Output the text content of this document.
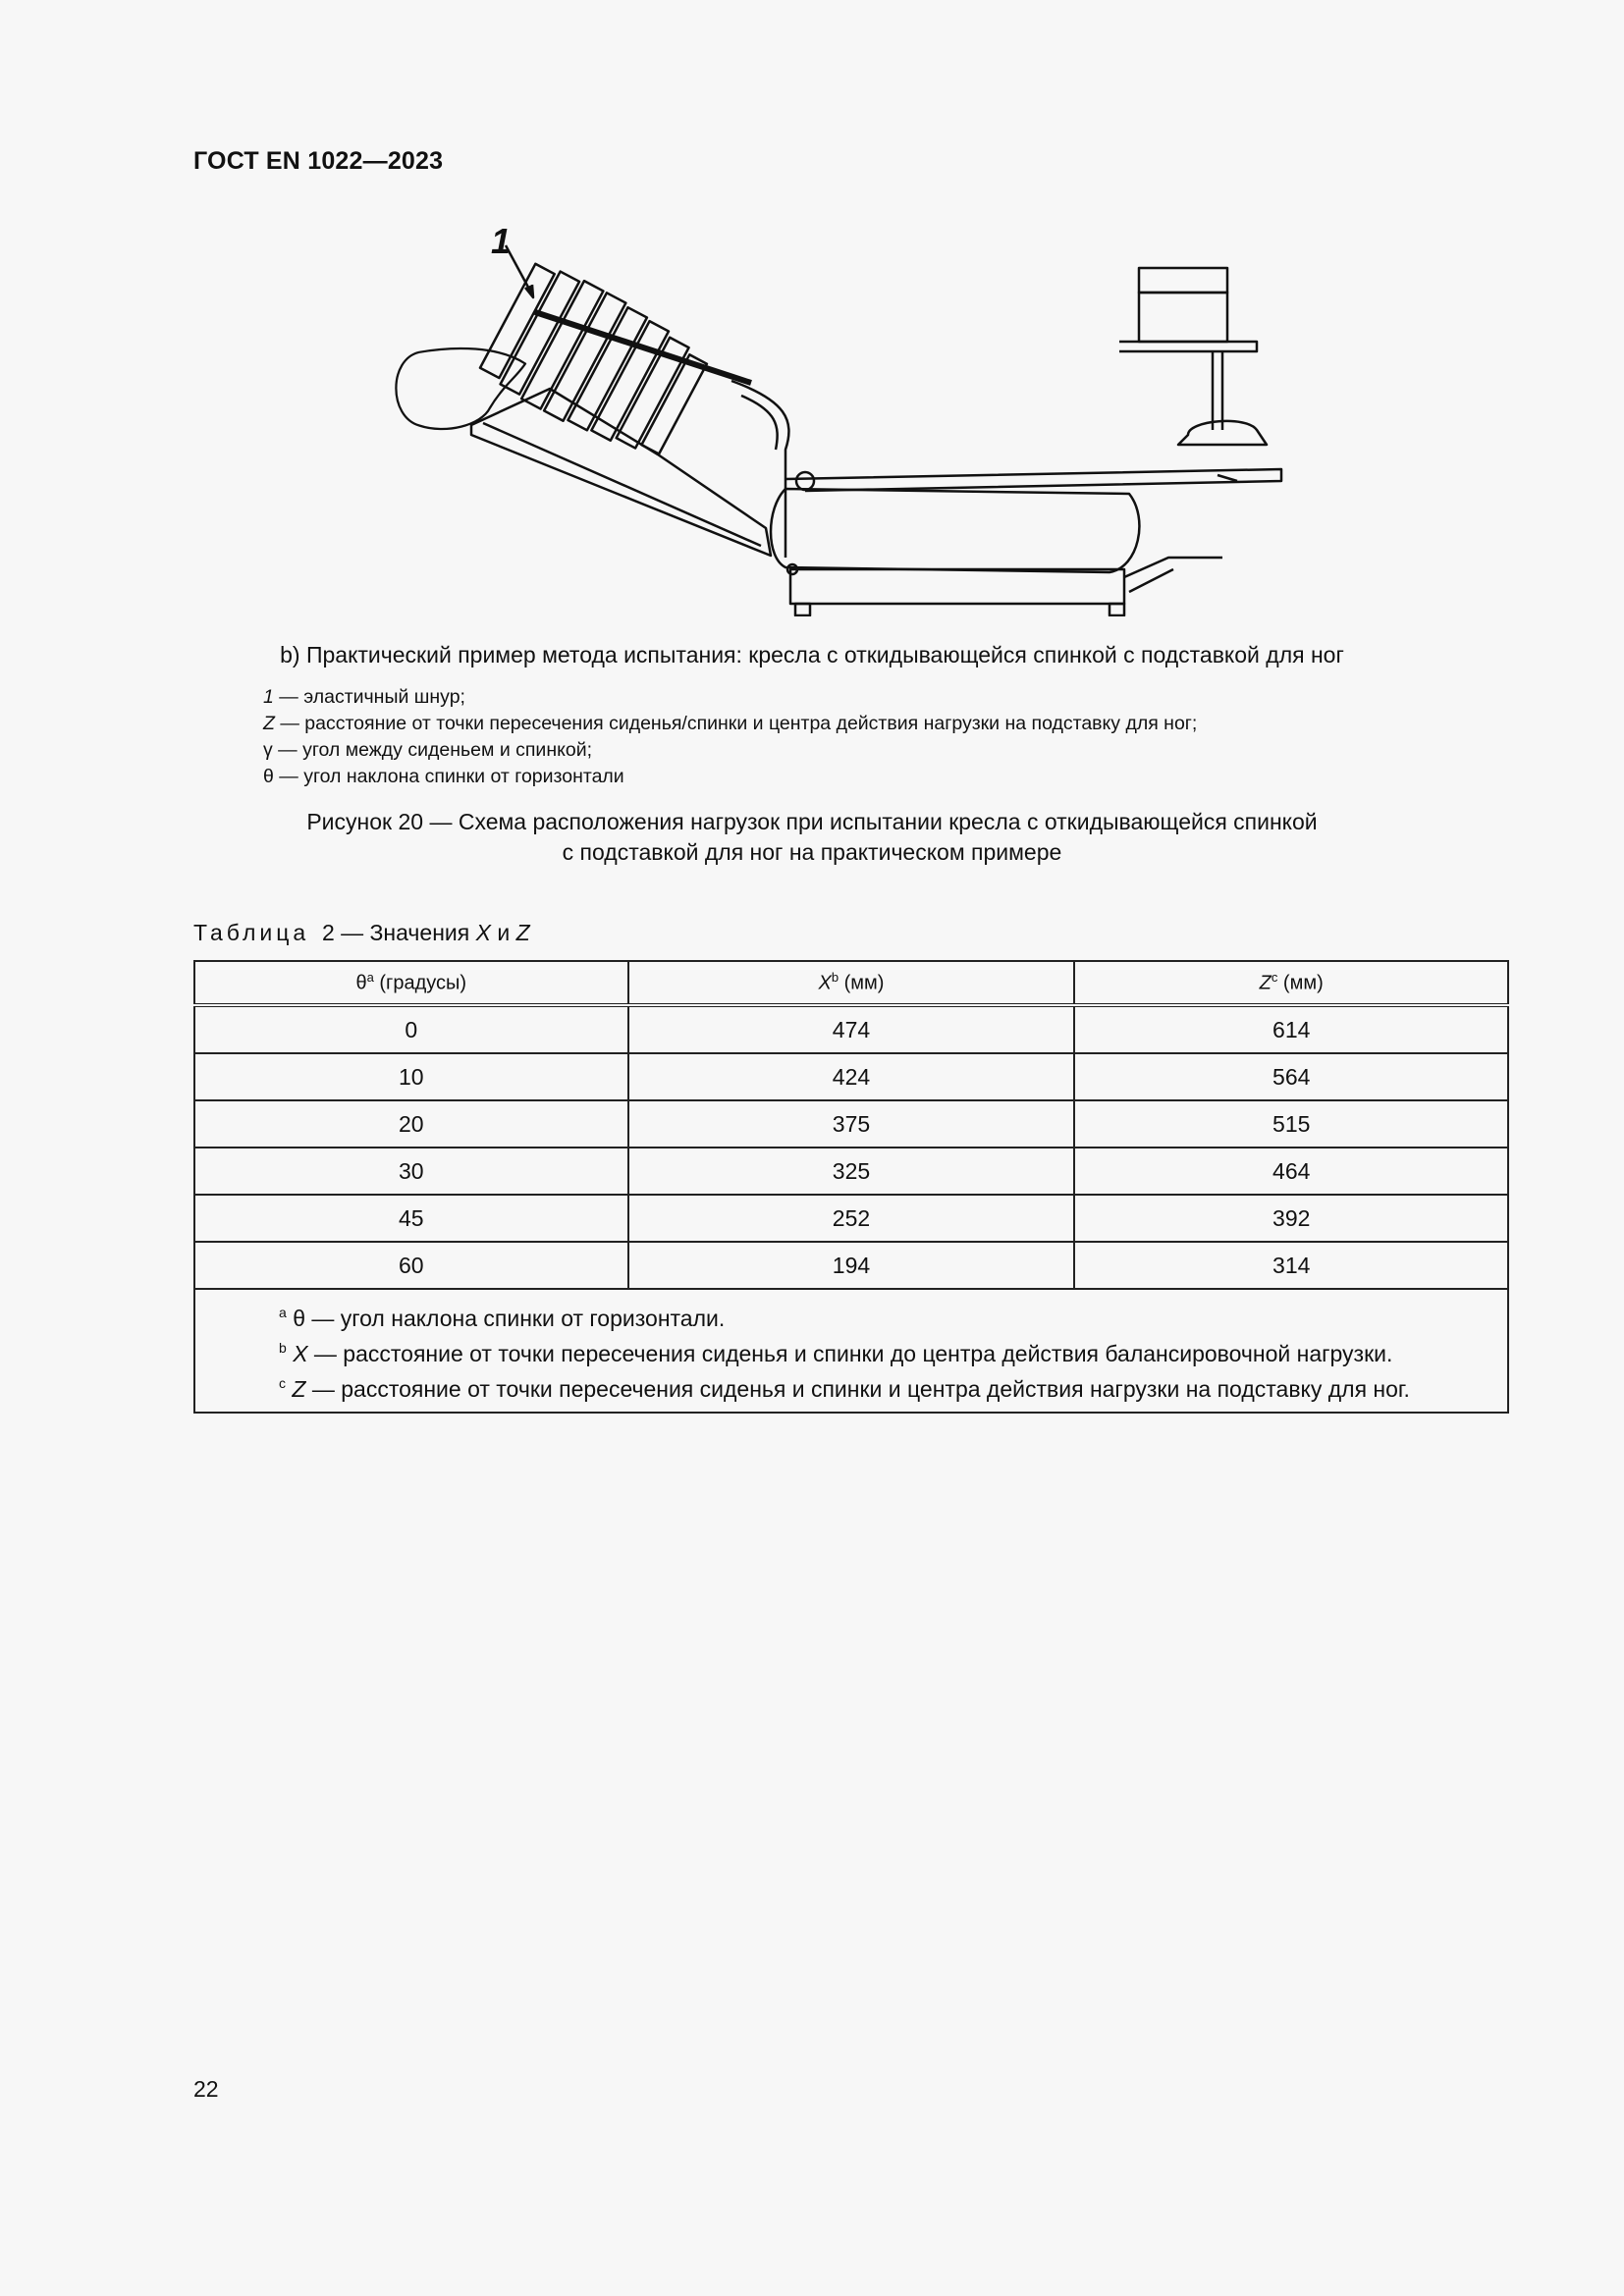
ГОСТ EN 1022—2023
1
b) Практический пример метода испытания: кресла с откидывающейся спинкой с подставкой для ног
1 — эластичный шнур;
Z — расстояние от точки пересечения сиденья/спинки и центра действия нагрузки на подставку для ног;
γ — угол между сиденьем и спинкой;
θ — угол наклона спинки от горизонтали
Рисунок 20 — Схема расположения нагрузок при испытании кресла с откидывающейся спинкой
с подставкой для ног на практическом примере
Таблица 2 — Значения X и Z
$\theta^a$ (градусы)	$X^b$ (мм)	$Z^c$ (мм)
0	474	614
10	424	564
20	375	515
30	325	464
45	252	392
60	194	314

$^a$ θ — угол наклона спинки от горизонтали.
$^b$ X — расстояние от точки пересечения сиденья и спинки до центра действия балансировочной нагрузки.
$^c$ Z — расстояние от точки пересечения сиденья и спинки и центра действия нагрузки на подставку для ног.		
22
